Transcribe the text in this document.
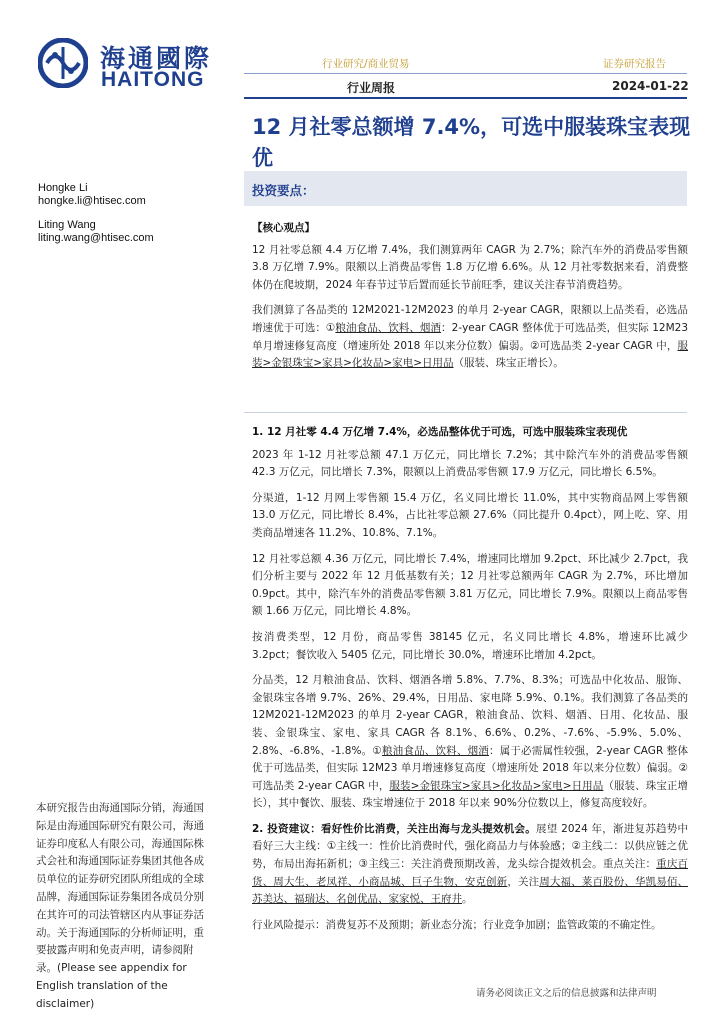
海通國際
HAITONG
行业研究/商业贸易	证券研究报告
行业周报	2024-01-22
12 月社零总额增 7.4%，可选中服装珠宝表现优
Hongke Li
hongke.li@htisec.com
Liting Wang
liting.wang@htisec.com
投资要点：

【核心观点】

12 月社零总额 4.4 万亿增 7.4%，我们测算两年 CAGR 为 2.7%；除汽车外的消费品零售额 3.8 万亿增 7.9%。限额以上消费品零售 1.8 万亿增 6.6%。从 12 月社零数据来看，消费整体仍在爬坡期，2024 年春节过节后置而延长节前旺季，建议关注春节消费趋势。

我们测算了各品类的 12M2021-12M2023 的单月 2-year CAGR，限额以上品类看，必选品增速优于可选：①粮油食品、饮料、烟酒：2-year CAGR 整体优于可选品类，但实际 12M23 单月增速修复高度（增速所处 2018 年以来分位数）偏弱。②可选品类 2-year CAGR 中，服装>金银珠宝>家具>化妆品>家电>日用品（服装、珠宝正增长）。

1. 12 月社零 4.4 万亿增 7.4%，必选品整体优于可选，可选中服装珠宝表现优

2023 年 1-12 月社零总额 47.1 万亿元，同比增长 7.2%；其中除汽车外的消费品零售额 42.3 万亿元，同比增长 7.3%，限额以上消费品零售额 17.9 万亿元，同比增长 6.5%。

分渠道，1-12 月网上零售额 15.4 万亿，名义同比增长 11.0%，其中实物商品网上零售额 13.0 万亿元，同比增长 8.4%，占比社零总额 27.6%（同比提升 0.4pct），网上吃、穿、用类商品增速各 11.2%、10.8%、7.1%。

12 月社零总额 4.36 万亿元，同比增长 7.4%，增速同比增加 9.2pct、环比减少 2.7pct，我们分析主要与 2022 年 12 月低基数有关；12 月社零总额两年 CAGR 为 2.7%，环比增加 0.9pct。其中，除汽车外的消费品零售额 3.81 万亿元，同比增长 7.9%。限额以上商品零售额 1.66 万亿元，同比增长 4.8%。

按消费类型，12 月份，商品零售 38145 亿元，名义同比增长 4.8%，增速环比减少 3.2pct；餐饮收入 5405 亿元，同比增长 30.0%，增速环比增加 4.2pct。

分品类，12 月粮油食品、饮料、烟酒各增 5.8%、7.7%、8.3%；可选品中化妆品、服饰、金银珠宝各增 9.7%、26%、29.4%，日用品、家电降 5.9%、0.1%。我们测算了各品类的 12M2021-12M2023 的单月 2-year CAGR，粮油食品、饮料、烟酒、日用、化妆品、服装、金银珠宝、家电、家具 CAGR 各 8.1%、6.6%、0.2%、-7.6%、-5.9%、5.0%、2.8%、-6.8%、-1.8%。①粮油食品、饮料、烟酒：属于必需属性较强，2-year CAGR 整体优于可选品类，但实际 12M23 单月增速修复高度（增速所处 2018 年以来分位数）偏弱。②可选品类 2-year CAGR 中，服装>金银珠宝>家具>化妆品>家电>日用品（服装、珠宝正增长），其中餐饮、服装、珠宝增速位于 2018 年以来 90%分位数以上，修复高度较好。

2. 投资建议：看好性价比消费，关注出海与龙头提效机会。展望 2024 年，渐进复苏趋势中看好三大主线：①主线一：性价比消费时代，强化商品力与体验感；②主线二：以供应链之优势，布局出海拓新机；③主线三：关注消费预期改善，龙头综合提效机会。重点关注：重庆百货、周大生、老凤祥、小商品城、巨子生物、安克创新，关注周大福、莱百股份、华凯易佰、苏美达、福瑞达、名创优品、家家悦、王府井。

行业风险提示：消费复苏不及预期；新业态分流；行业竞争加剧；监管政策的不确定性。

本研究报告由海通国际分销，海通国际是由海通国际研究有限公司，海通证券印度私人有限公司，海通国际株式会社和海通国际证券集团其他各成员单位的证券研究团队所组成的全球品牌，海通国际证券集团各成员分别在其许可的司法管辖区内从事证券活动。关于海通国际的分析师证明，重要披露声明和免责声明，请参阅附录。(Please see appendix for English translation of the disclaimer)
请务必阅读正文之后的信息披露和法律声明
